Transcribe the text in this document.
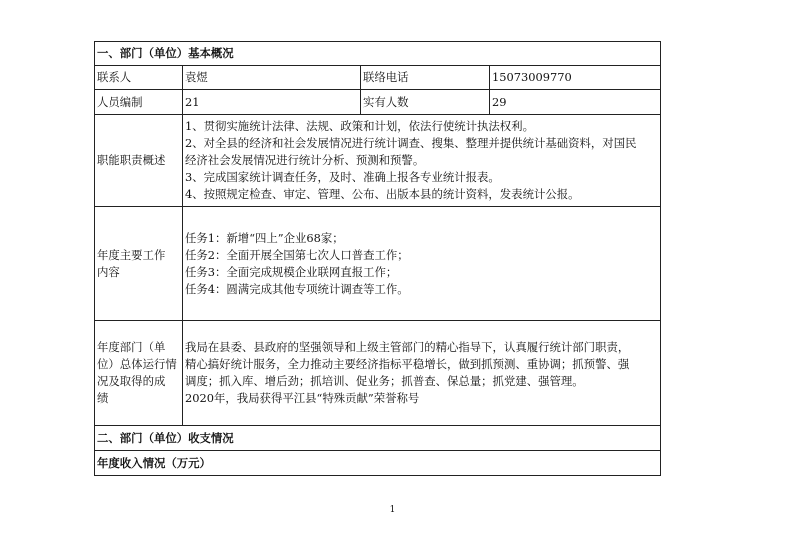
一、部门（单位）基本概况			
联系人	袁煜	联络电话	15073009770
人员编制	21	实有人数	29
职能职责概述	1、贯彻实施统计法律、法规、政策和计划，依法行使统计执法权利。
2、对全县的经济和社会发展情况进行统计调查、搜集、整理并提供统计基础资料，对国民
经济社会发展情况进行统计分析、预测和预警。
3、完成国家统计调查任务，及时、准确上报各专业统计报表。
4、按照规定检查、审定、管理、公布、出版本县的统计资料，发表统计公报。		

年度主要工作
内容	任务1：新增“四上”企业68家；
任务2：全面开展全国第七次人口普查工作；
任务3：全面完成规模企业联网直报工作；
任务4：圆满完成其他专项统计调查等工作。		

年度部门（单
位）总体运行情
况及取得的成
绩	我局在县委、县政府的坚强领导和上级主管部门的精心指导下，认真履行统计部门职责，
精心搞好统计服务，全力推动主要经济指标平稳增长，做到抓预测、重协调；抓预警、强
调度；抓入库、增后劲；抓培训、促业务；抓普查、保总量；抓党建、强管理。
2020年，我局获得平江县“特殊贡献”荣誉称号		

二、部门（单位）收支情况			
年度收入情况（万元）			
1
